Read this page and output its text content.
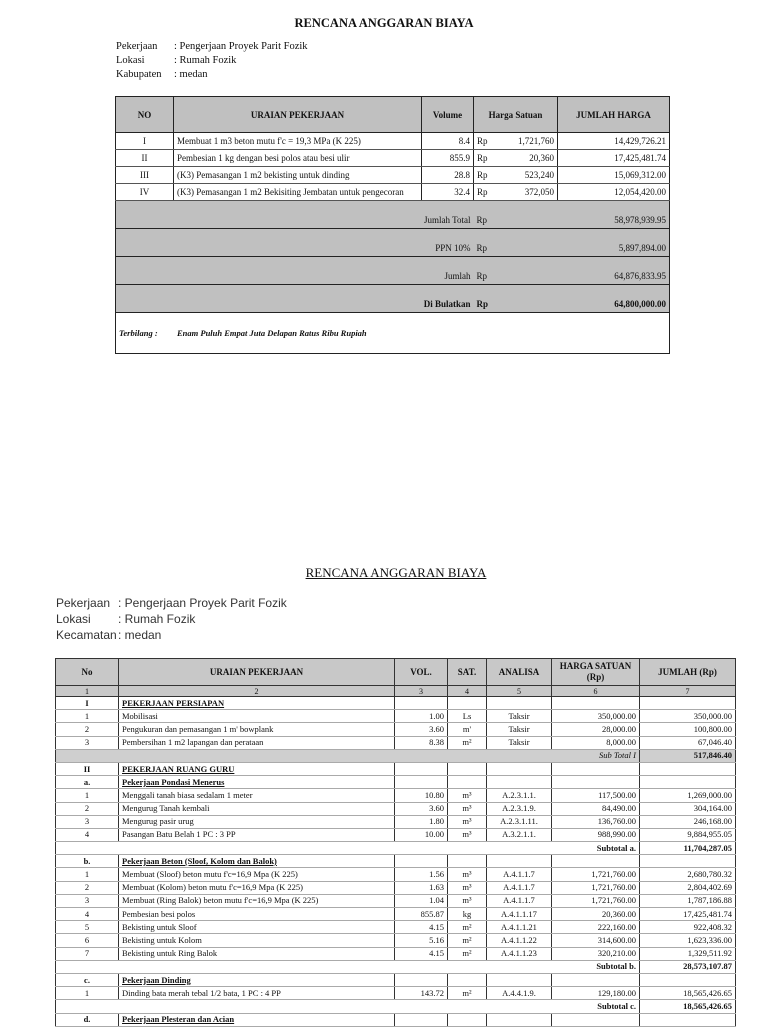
RENCANA ANGGARAN BIAYA
Pekerjaan : Pengerjaan Proyek Parit Fozik
Lokasi	: Rumah Fozik
Kabupaten : medan
NO	URAIAN PEKERJAAN	Volume	Harga Satuan		JUMLAH HARGA
I	Membuat 1 m3 beton mutu f'c = 19,3 MPa (K 225)	8.4	Rp	1,721,760	14,429,726.21
II	Pembesian 1 kg dengan besi polos atau besi ulir	855.9	Rp	20,360	17,425,481.74
III	(K3) Pemasangan 1 m2 bekisting untuk dinding	28.8	Rp	523,240	15,069,312.00
IV	(K3) Pemasangan 1 m2 Bekisiting Jembatan untuk pengecoran	32.4	Rp	372,050	12,054,420.00
	Jumlah Total		Rp	58,978,939.95	
	PPN 10%		Rp	5,897,894.00	
	Jumlah		Rp	64,876,833.95	
	Di Bulatkan		Rp	64,800,000.00	
Terbilang : Enam Puluh Empat Juta Delapan Ratus Ribu Rupiah					
RENCANA ANGGARAN BIAYA
Pekerjaan : Pengerjaan Proyek Parit Fozik
Lokasi : Rumah Fozik
Kecamatan: medan
No	URAIAN PEKERJAAN	VOL.	SAT.	ANALISA	HARGA SATUAN (Rp)	JUMLAH (Rp)
1	2	3	4	5	6	7
I	PEKERJAAN PERSIAPAN					
1	Mobilisasi	1.00	Ls	Taksir	350,000.00	350,000.00
2	Pengukuran dan pemasangan 1 m' bowplank	3.60	m'	Taksir	28,000.00	100,800.00
3	Pembersihan 1 m2 lapangan dan perataan	8.38	m²	Taksir	8,000.00	67,046.40
Sub Total I						517,846.40
II	PEKERJAAN RUANG GURU					
a.	Pekerjaan Pondasi Menerus					
1	Menggali tanah biasa sedalam 1 meter	10.80	m³	A.2.3.1.1.	117,500.00	1,269,000.00
2	Mengurug Tanah kembali	3.60	m³	A.2.3.1.9.	84,490.00	304,164.00
3	Mengurug pasir urug	1.80	m³	A.2.3.1.11.	136,760.00	246,168.00
4	Pasangan Batu Belah 1 PC : 3 PP	10.00	m³	A.3.2.1.1.	988,990.00	9,884,955.05
Subtotal a.						11,704,287.05
b.	Pekerjaan Beton (Sloof, Kolom dan Balok)					
1	Membuat (Sloof) beton mutu f'c=16,9 Mpa (K 225)	1.56	m³	A.4.1.1.7	1,721,760.00	2,680,780.32
2	Membuat (Kolom) beton mutu f'c=16,9 Mpa (K 225)	1.63	m³	A.4.1.1.7	1,721,760.00	2,804,402.69
3	Membuat (Ring Balok) beton mutu f'c=16,9 Mpa (K 225)	1.04	m³	A.4.1.1.7	1,721,760.00	1,787,186.88
4	Pembesian besi polos	855.87	kg	A.4.1.1.17	20,360.00	17,425,481.74
5	Bekisting untuk Sloof	4.15	m²	A.4.1.1.21	222,160.00	922,408.32
6	Bekisting untuk Kolom	5.16	m²	A.4.1.1.22	314,600.00	1,623,336.00
7	Bekisting untuk Ring Balok	4.15	m²	A.4.1.1.23	320,210.00	1,329,511.92
Subtotal b.						28,573,107.87
c.	Pekerjaan Dinding					
1	Dinding bata merah tebal 1/2 bata, 1 PC : 4 PP	143.72	m²	A.4.4.1.9.	129,180.00	18,565,426.65
Subtotal c.						18,565,426.65
d.	Pekerjaan Plesteran dan Acian					
